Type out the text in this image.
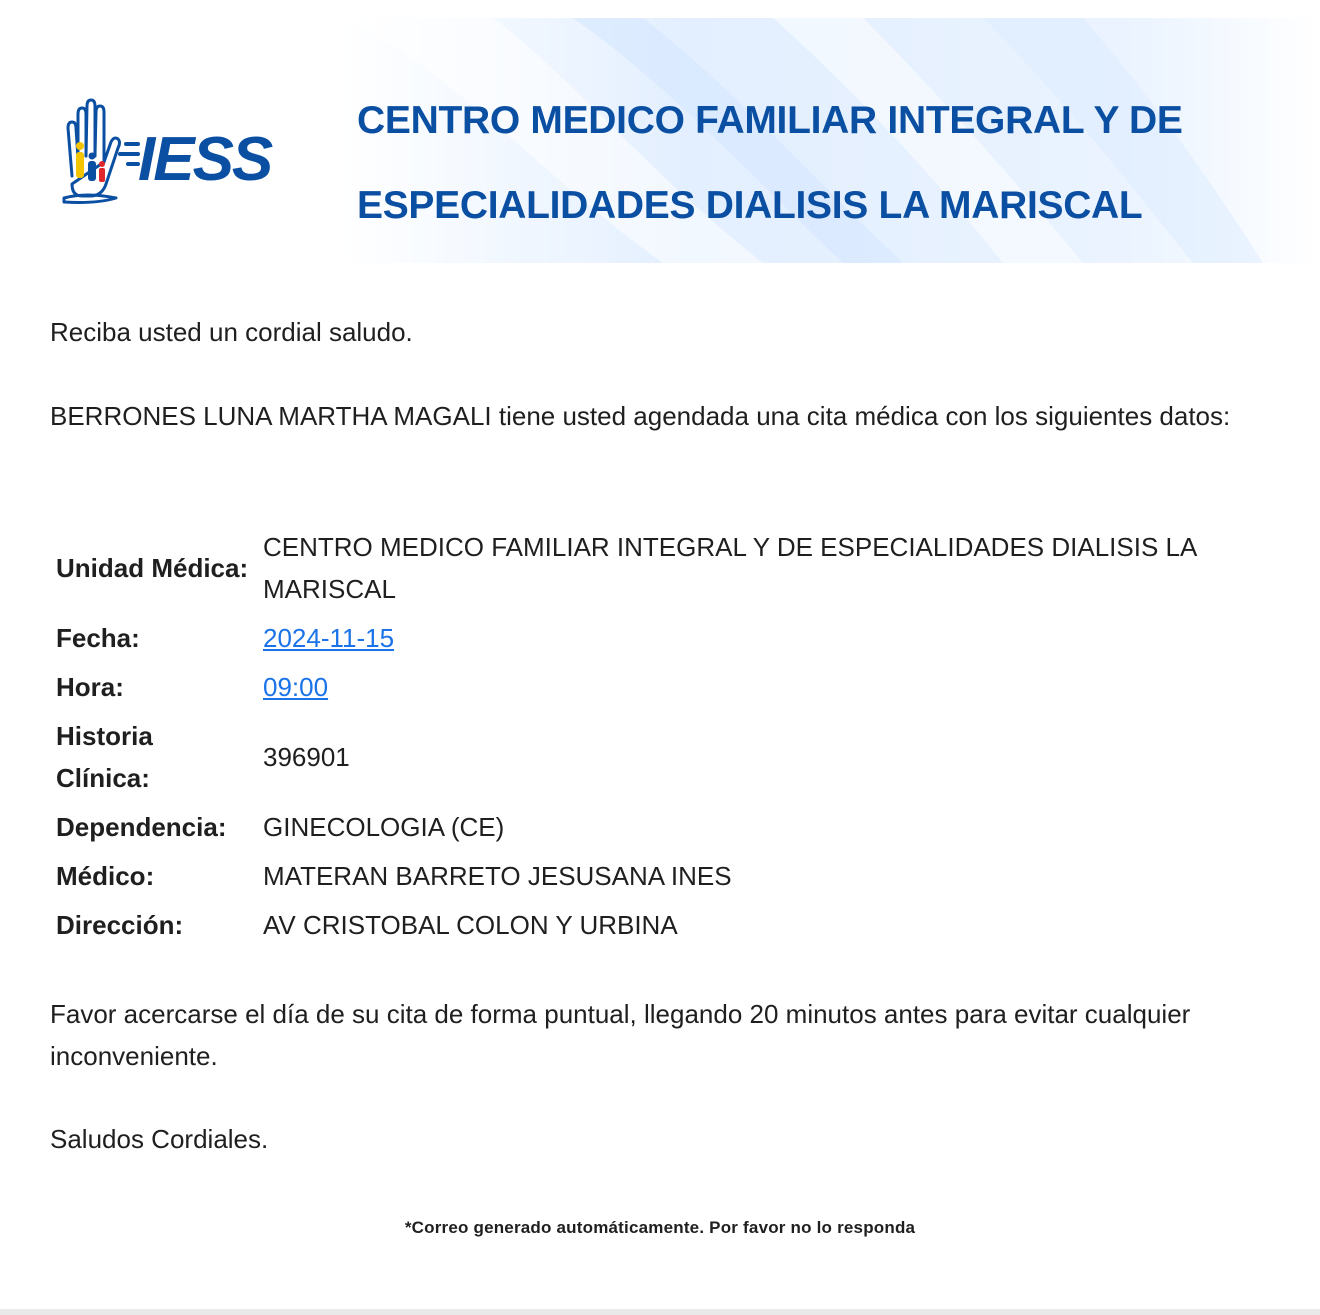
IESS
CENTRO MEDICO FAMILIAR INTEGRAL Y DE
ESPECIALIDADES DIALISIS LA MARISCAL

Reciba usted un cordial saludo.

BERRONES LUNA MARTHA MAGALI tiene usted agendada una cita médica con los siguientes datos:

Unidad Médica:	CENTRO MEDICO FAMILIAR INTEGRAL Y DE ESPECIALIDADES DIALISIS LA MARISCAL
Fecha:	2024-11-15
Hora:	09:00
Historia Clínica:	396901
Dependencia:	GINECOLOGIA (CE)
Médico:	MATERAN BARRETO JESUSANA INES
Dirección:	AV CRISTOBAL COLON Y URBINA

Favor acercarse el día de su cita de forma puntual, llegando 20 minutos antes para evitar cualquier inconveniente.

Saludos Cordiales.

*Correo generado automáticamente. Por favor no lo responda
